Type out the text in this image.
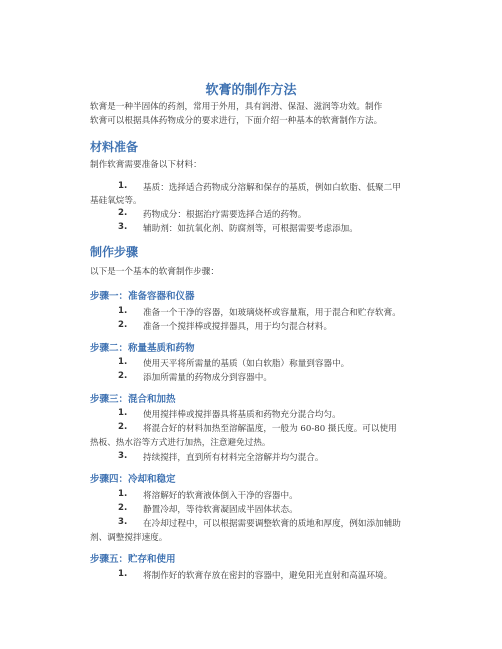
软膏的制作方法
软膏是一种半固体的药剂，常用于外用，具有润滑、保湿、滋润等功效。制作
软膏可以根据具体药物成分的要求进行，下面介绍一种基本的软膏制作方法。
材料准备
制作软膏需要准备以下材料：
1. 基质：选择适合药物成分溶解和保存的基质，例如白软脂、低聚二甲
基硅氧烷等。
2. 药物成分：根据治疗需要选择合适的药物。
3. 辅助剂：如抗氧化剂、防腐剂等，可根据需要考虑添加。
制作步骤
以下是一个基本的软膏制作步骤：
步骤一：准备容器和仪器
1. 准备一个干净的容器，如玻璃烧杯或容量瓶，用于混合和贮存软膏。
2. 准备一个搅拌棒或搅拌器具，用于均匀混合材料。
步骤二：称量基质和药物
1. 使用天平将所需量的基质（如白软脂）称量到容器中。
2. 添加所需量的药物成分到容器中。
步骤三：混合和加热
1. 使用搅拌棒或搅拌器具将基质和药物充分混合均匀。
2. 将混合好的材料加热至溶解温度，一般为 60-80 摄氏度。可以使用
热板、热水浴等方式进行加热，注意避免过热。
3. 持续搅拌，直到所有材料完全溶解并均匀混合。
步骤四：冷却和稳定
1. 将溶解好的软膏液体倒入干净的容器中。
2. 静置冷却，等待软膏凝固成半固体状态。
3. 在冷却过程中，可以根据需要调整软膏的质地和厚度，例如添加辅助
剂、调整搅拌速度。
步骤五：贮存和使用
1. 将制作好的软膏存放在密封的容器中，避免阳光直射和高温环境。
